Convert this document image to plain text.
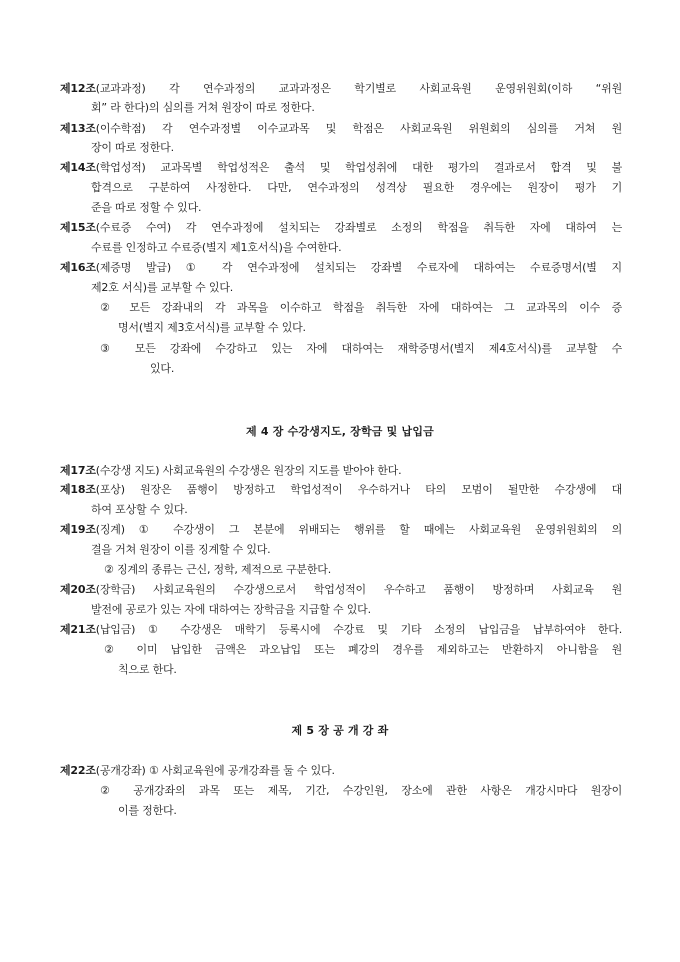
제12조(교과과정) 각 연수과정의 교과과정은 학기별로 사회교육원 운영위원회(이하 “위원
회” 라 한다)의 심의를 거쳐 원장이 따로 정한다.
제13조(이수학점) 각 연수과정별 이수교과목 및 학점은 사회교육원 위원회의 심의를 거쳐 원
장이 따로 정한다.
제14조(학업성적) 교과목별 학업성적은 출석 및 학업성취에 대한 평가의 결과로서 합격 및 불
합격으로 구분하여 사정한다. 다만, 연수과정의 성격상 필요한 경우에는 원장이 평가 기
준을 따로 정할 수 있다.
제15조(수료증 수여) 각 연수과정에 설치되는 강좌별로 소정의 학점을 취득한 자에 대하여 는
수료를 인정하고 수료증(별지 제1호서식)을 수여한다.
제16조(제증명 발급) ① 각 연수과정에 설치되는 강좌별 수료자에 대하여는 수료증명서(별 지
제2호 서식)를 교부할 수 있다.
② 모든 강좌내의 각 과목을 이수하고 학점을 취득한 자에 대하여는 그 교과목의 이수 증
명서(별지 제3호서식)를 교부할 수 있다.
③ 모든 강좌에 수강하고 있는 자에 대하여는 재학증명서(별지 제4호서식)를 교부할 수
있다.
제 4 장 수강생지도, 장학금 및 납입금
제17조(수강생 지도) 사회교육원의 수강생은 원장의 지도를 받아야 한다.
제18조(포상) 원장은 품행이 방정하고 학업성적이 우수하거나 타의 모범이 될만한 수강생에 대
하여 포상할 수 있다.
제19조(징계) ① 수강생이 그 본분에 위배되는 행위를 할 때에는 사회교육원 운영위원회의 의
결을 거쳐 원장이 이를 징계할 수 있다.
② 징계의 종류는 근신, 정학, 제적으로 구분한다.
제20조(장학금) 사회교육원의 수강생으로서 학업성적이 우수하고 품행이 방정하며 사회교육 원
발전에 공로가 있는 자에 대하여는 장학금을 지급할 수 있다.
제21조(납입금) ① 수강생은 매학기 등록시에 수강료 및 기타 소정의 납입금을 납부하여야 한다.
② 이미 납입한 금액은 과오납입 또는 폐강의 경우를 제외하고는 반환하지 아니함을 원
칙으로 한다.
제 5 장 공 개 강 좌
제22조(공개강좌) ① 사회교육원에 공개강좌를 둘 수 있다.
② 공개강좌의 과목 또는 제목, 기간, 수강인원, 장소에 관한 사항은 개강시마다 원장이
이를 정한다.
